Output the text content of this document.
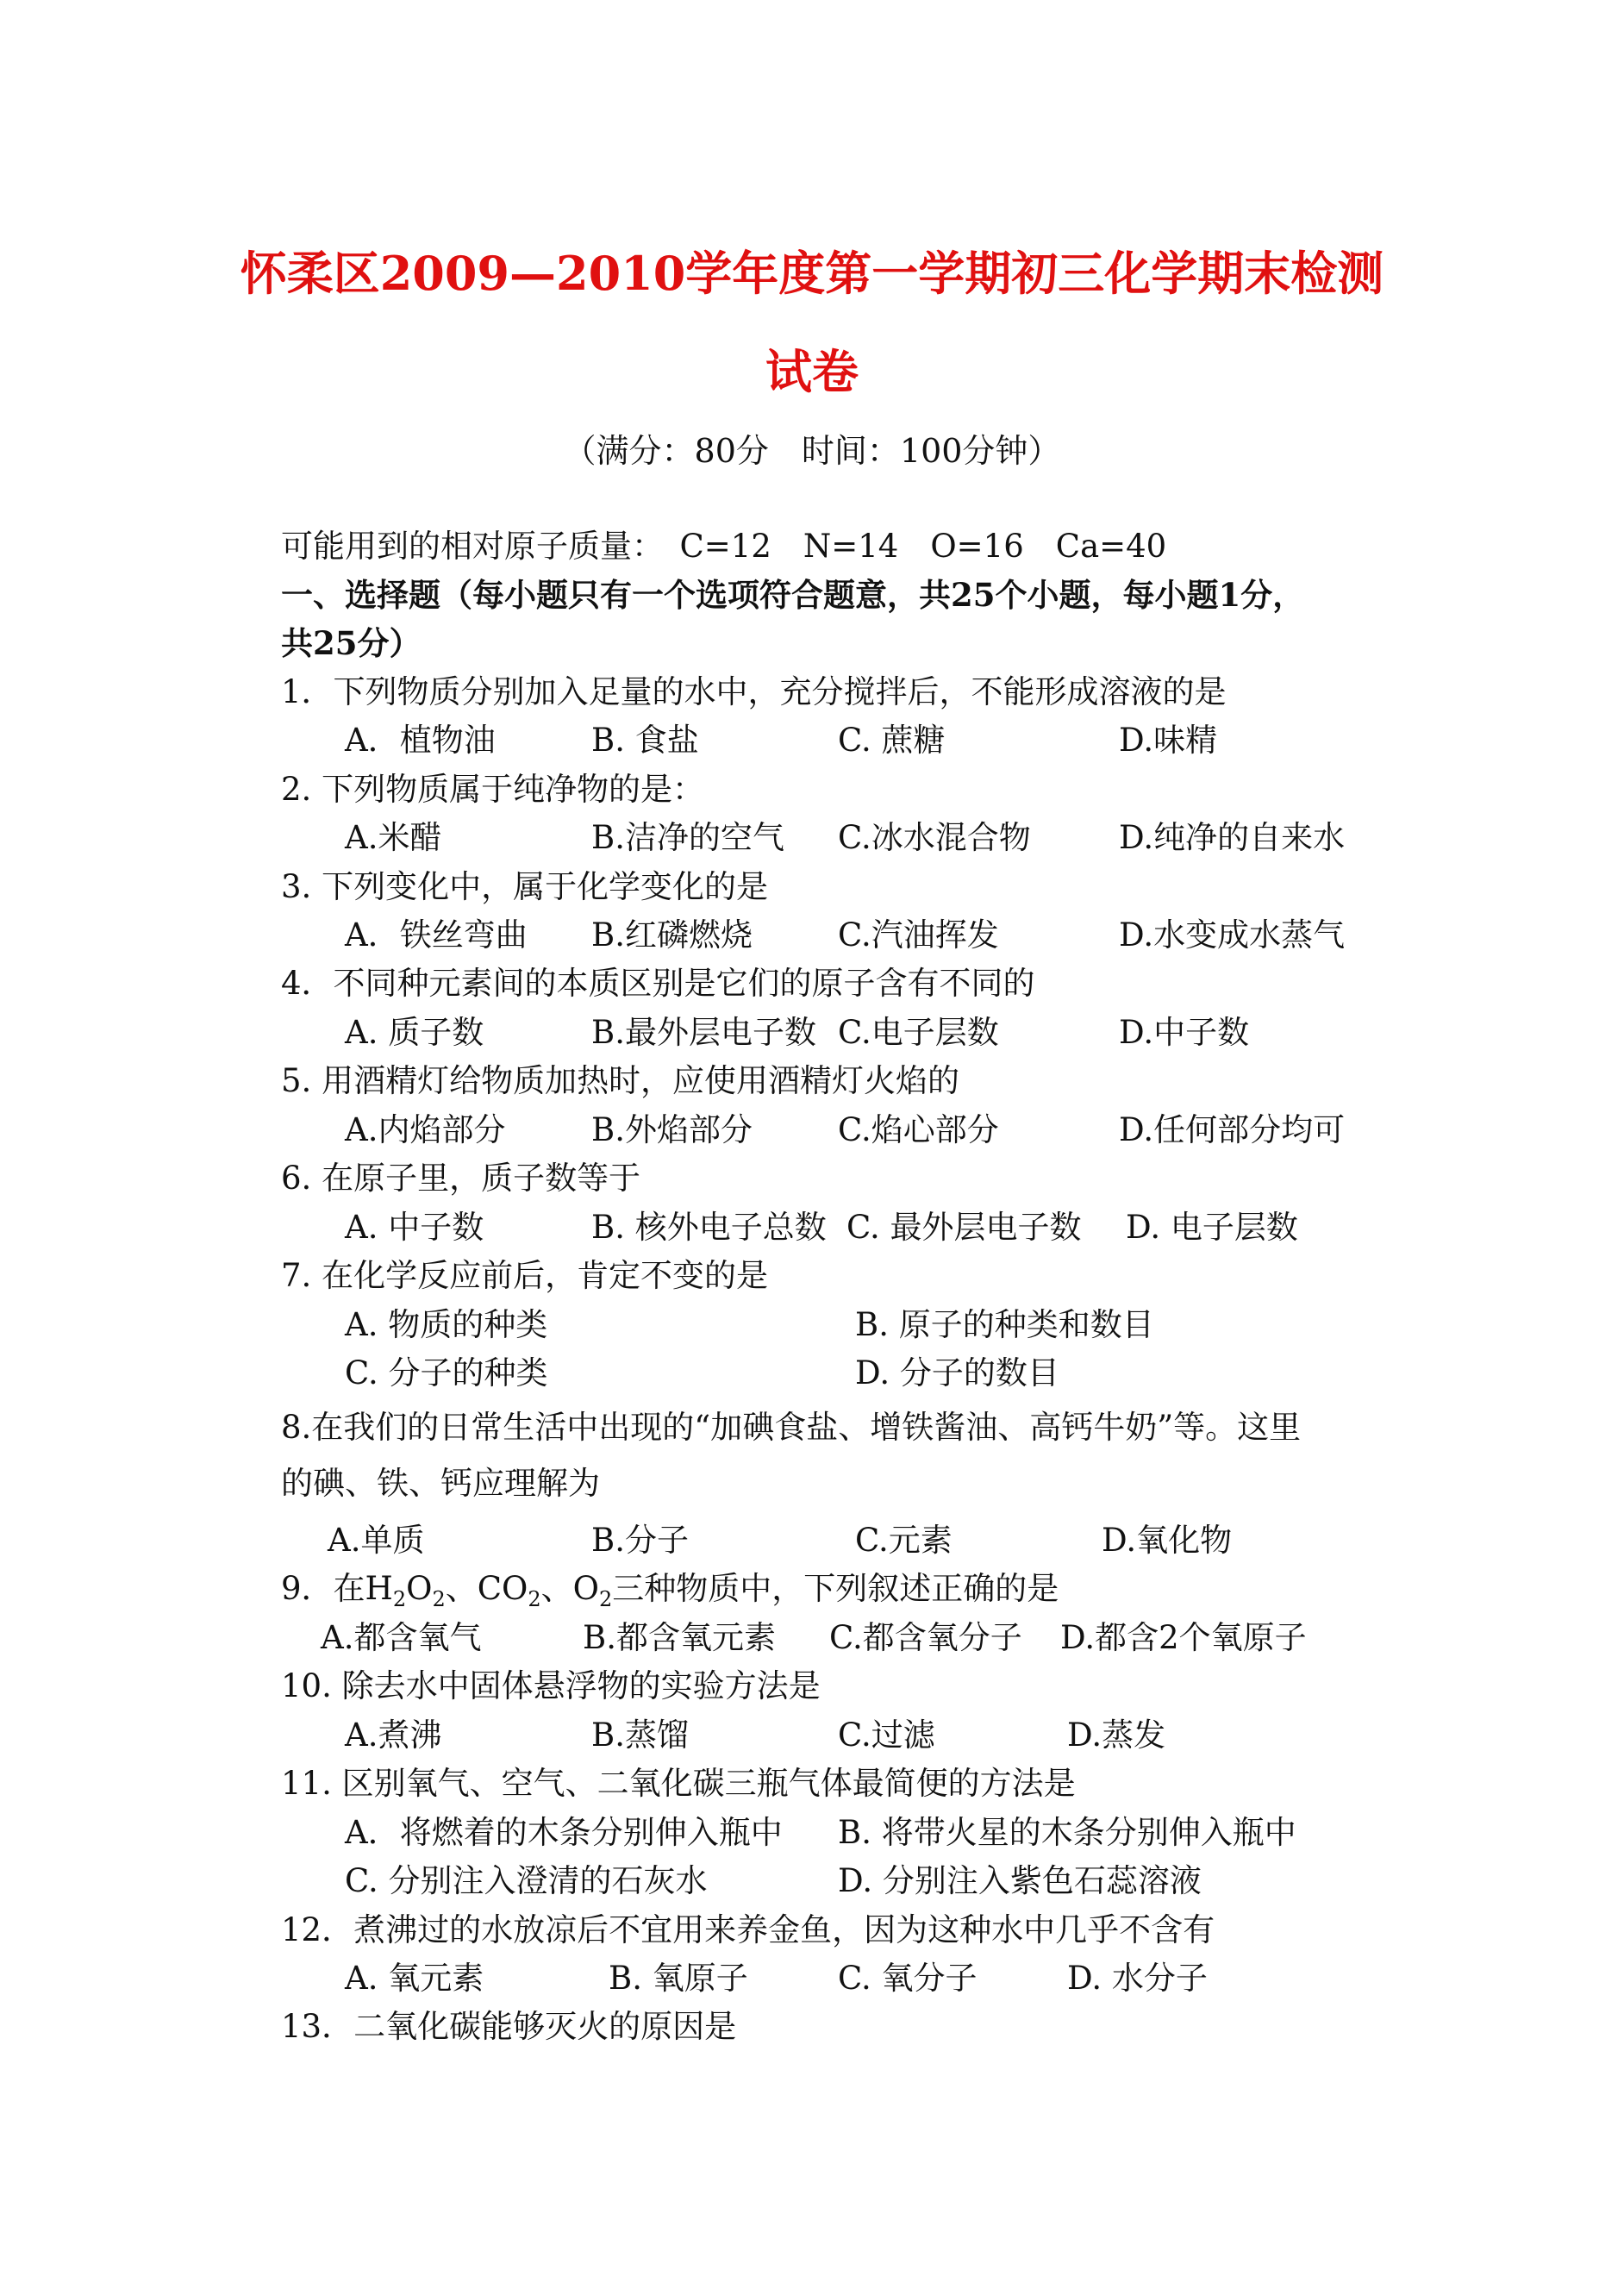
怀柔区2009—2010学年度第一学期初三化学期末检测
试卷
（满分：80分　时间：100分钟）
可能用到的相对原子质量：　C=12　N=14　O=16　Ca=40
一、选择题（每小题只有一个选项符合题意，共25个小题，每小题1分，
共25分）
1．下列物质分别加入足量的水中，充分搅拌后，不能形成溶液的是
A．植物油	B. 食盐	C. 蔗糖	D.味精
2. 下列物质属于纯净物的是：
A.米醋	B.洁净的空气 C.冰水混合物	D.纯净的自来水
3. 下列变化中，属于化学变化的是
A．铁丝弯曲 B.红磷燃烧	C.汽油挥发	D.水变成水蒸气
4．不同种元素间的本质区别是它们的原子含有不同的
A. 质子数	B.最外层电子数 C.电子层数	D.中子数
5. 用酒精灯给物质加热时，应使用酒精灯火焰的
A.内焰部分	B.外焰部分	C.焰心部分	D.任何部分均可
6. 在原子里，质子数等于
A. 中子数	B. 核外电子总数 C. 最外层电子数 D. 电子层数
7. 在化学反应前后，肯定不变的是
A. 物质的种类	B. 原子的种类和数目
C. 分子的种类	D. 分子的数目
8.在我们的日常生活中出现的“加碘食盐、增铁酱油、高钙牛奶”等。这里
的碘、铁、钙应理解为
A.单质	B.分子	C.元素	D.氧化物
9．在$H_2O_2$、$CO_2$、$O_2$三种物质中，下列叙述正确的是
A.都含氧气	B.都含氧元素 C.都含氧分子 D.都含2个氧原子
10. 除去水中固体悬浮物的实验方法是
A.煮沸	B.蒸馏	C.过滤	D.蒸发
11. 区别氧气、空气、二氧化碳三瓶气体最简便的方法是
A．将燃着的木条分别伸入瓶中 B. 将带火星的木条分别伸入瓶中
C. 分别注入澄清的石灰水	D. 分别注入紫色石蕊溶液
12．煮沸过的水放凉后不宜用来养金鱼，因为这种水中几乎不含有
A. 氧元素	B. 氧原子	C. 氧分子	D. 水分子
13．二氧化碳能够灭火的原因是
